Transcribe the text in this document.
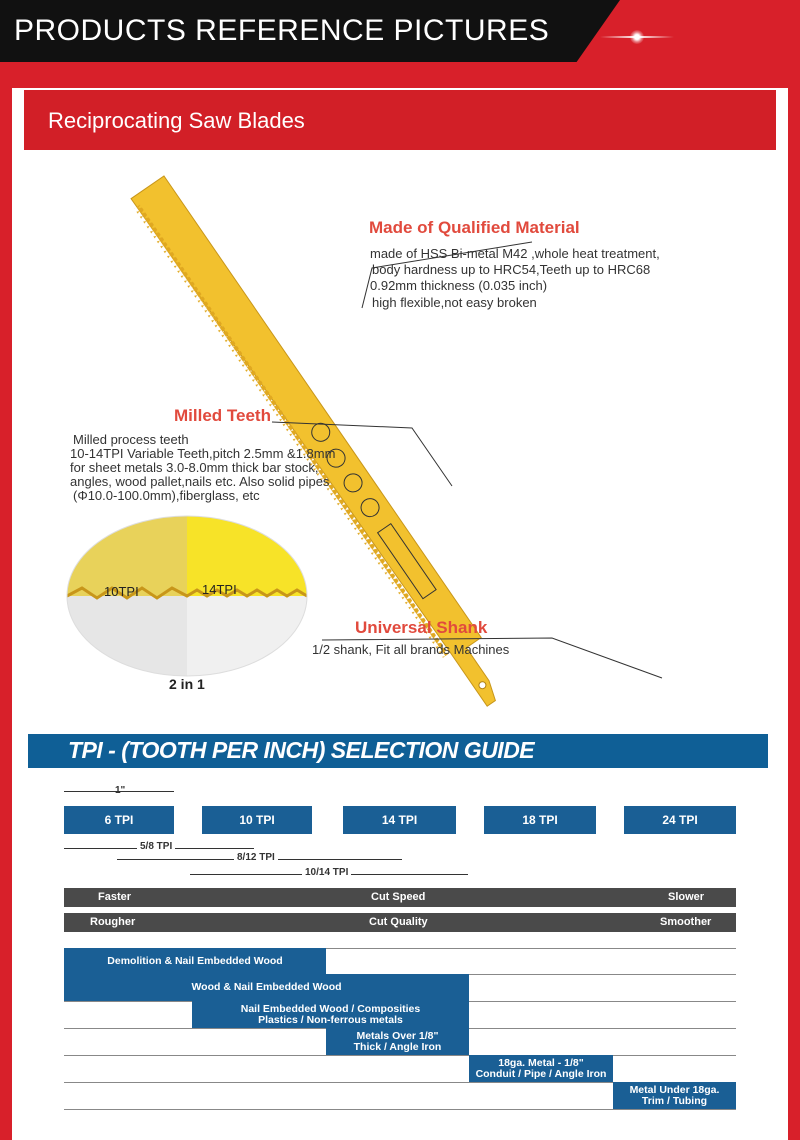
PRODUCTS REFERENCE PICTURES
Reciprocating Saw Blades
Made of Qualified Material
made of HSS Bi-metal M42 ,whole heat treatment,
body hardness up to HRC54,Teeth up to HRC68
0.92mm thickness (0.035 inch)
high flexible,not easy broken
Milled Teeth
Milled process teeth
10-14TPI Variable Teeth,pitch 2.5mm &1.8mm
for sheet metals 3.0-8.0mm thick bar stock,
angles, wood pallet,nails etc. Also solid pipes
(Φ10.0-100.0mm),fiberglass, etc
Universal Shank
1/2 shank, Fit all brands Machines
10TPI	14TPI
2 in 1
TPI - (TOOTH PER INCH) SELECTION GUIDE
6 TPI	10 TPI	14 TPI	18 TPI	24 TPI
5/8 TPI
8/12 TPI
10/14 TPI
Faster	Cut Speed	Slower
Rougher	Cut Quality	Smoother
Demolition & Nail Embedded Wood
Wood & Nail Embedded Wood
Nail Embedded Wood / Composities
Plastics / Non-ferrous metals
Metals Over 1/8"
Thick / Angle Iron
18ga. Metal - 1/8"
Conduit / Pipe / Angle Iron
Metal Under 18ga.
Trim / Tubing
